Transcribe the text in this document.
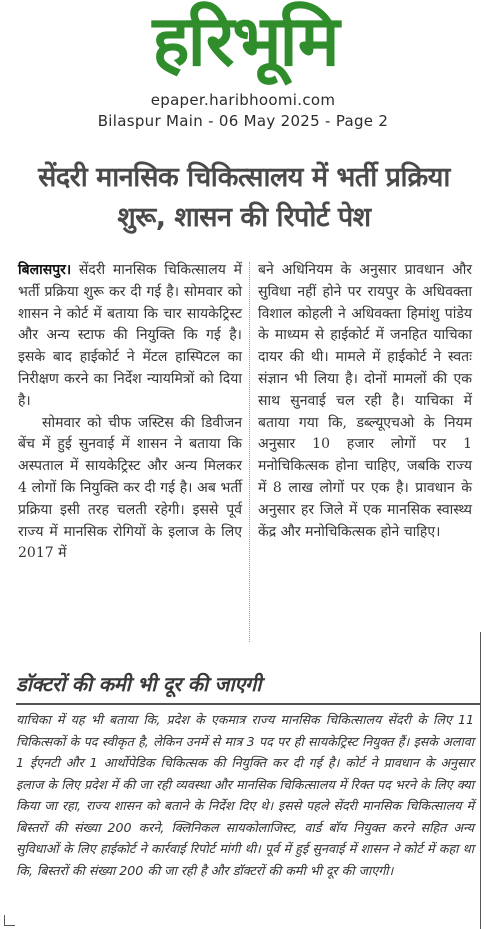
हरिभूमि
epaper.haribhoomi.com
Bilaspur Main - 06 May 2025 - Page 2
सेंदरी मानसिक चिकित्सालय में भर्ती प्रक्रिया शुरू, शासन की रिपोर्ट पेश

बिलासपुर। सेंदरी मानसिक चिकित्सालय में भर्ती प्रक्रिया शुरू कर दी गई है। सोमवार को शासन ने कोर्ट में बताया कि चार सायकेट्रिस्ट और अन्य स्टाफ की नियुक्ति कि गई है। इसके बाद हाईकोर्ट ने मेंटल हास्पिटल का निरीक्षण करने का निर्देश न्यायमित्रों को दिया है।

सोमवार को चीफ जस्टिस की डिवीजन बेंच में हुई सुनवाई में शासन ने बताया कि अस्पताल में सायकेट्रिस्ट और अन्य मिलकर 4 लोगों कि नियुक्ति कर दी गई है। अब भर्ती प्रक्रिया इसी तरह चलती रहेगी। इससे पूर्व राज्य में मानसिक रोगियों के इलाज के लिए 2017 में

बने अधिनियम के अनुसार प्रावधान और सुविधा नहीं होने पर रायपुर के अधिवक्ता विशाल कोहली ने अधिवक्ता हिमांशु पांडेय के माध्यम से हाईकोर्ट में जनहित याचिका दायर की थी। मामले में हाईकोर्ट ने स्वतः संज्ञान भी लिया है। दोनों मामलों की एक साथ सुनवाई चल रही है। याचिका में बताया गया कि, डब्ल्यूएचओ के नियम अनुसार 10 हजार लोगों पर 1 मनोचिकित्सक होना चाहिए, जबकि राज्य में 8 लाख लोगों पर एक है। प्रावधान के अनुसार हर जिले में एक मानसिक स्वास्थ्य केंद्र और मनोचिकित्सक होने चाहिए।

डॉक्टरों की कमी भी दूर की जाएगी

याचिका में यह भी बताया कि, प्रदेश के एकमात्र राज्य मानसिक चिकित्सालय सेंदरी के लिए 11 चिकित्सकों के पद स्वीकृत है, लेकिन उनमें से मात्र 3 पद पर ही सायकेट्रिस्ट नियुक्त हैं। इसके अलावा 1 ईएनटी और 1 आर्थोपेडिक चिकित्सक की नियुक्ति कर दी गई है। कोर्ट ने प्रावधान के अनुसार इलाज के लिए प्रदेश में की जा रही व्यवस्था और मानसिक चिकित्सालय में रिक्त पद भरने के लिए क्या किया जा रहा, राज्य शासन को बताने के निर्देश दिए थे। इससे पहले सेंदरी मानसिक चिकित्सालय में बिस्तरों की संख्या 200 करने, क्लिनिकल सायकोलाजिस्ट, वार्ड बॉय नियुक्त करने सहित अन्य सुविधाओं के लिए हाईकोर्ट ने कार्रवाई रिपोर्ट मांगी थी। पूर्व में हुई सुनवाई में शासन ने कोर्ट में कहा था कि, बिस्तरों की संख्या 200 की जा रही है और डॉक्टरों की कमी भी दूर की जाएगी।
